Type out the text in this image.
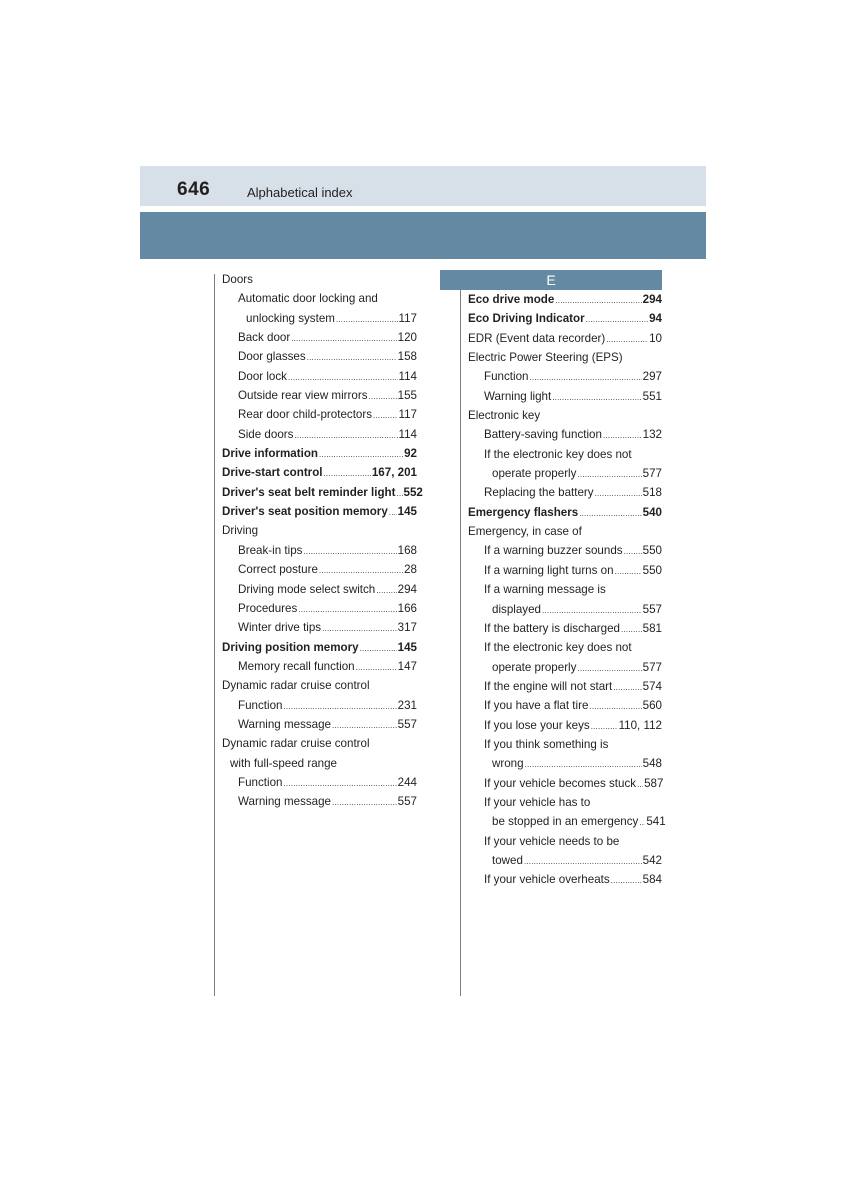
646	Alphabetical index
Doors
Automatic door locking and
unlocking system .....	117
Back door .....	120
Door glasses .....	158
Door lock .....	114
Outside rear view mirrors .....	155
Rear door child-protectors ..... 117
Side doors .....	114
Drive information .....	92
Drive-start control .....	167, 201
Driver's seat belt reminder light ..... 552
Driver's seat position memory ..... 145
Driving
Break-in tips .....	168
Correct posture .....	28
Driving mode select switch ..... 294
Procedures .....	166
Winter drive tips .....	317
Driving position memory .....	145
Memory recall function .....	147
Dynamic radar cruise control
Function .....	231
Warning message .....	557
Dynamic radar cruise control
with full-speed range
Function .....	244
Warning message .....	557
E
Eco drive mode .....	294
Eco Driving Indicator .....	94
EDR (Event data recorder) .....	10
Electric Power Steering (EPS)
Function .....	297
Warning light .....	551
Electronic key
Battery-saving function .....	132
If the electronic key does not
operate properly .....	577
Replacing the battery .....	518
Emergency flashers .....	540
Emergency, in case of
If a warning buzzer sounds ..... 550
If a warning light turns on .....	550
If a warning message is
displayed .....	557
If the battery is discharged ..... 581
If the electronic key does not
operate properly .....	577
If the engine will not start .....	574
If you have a flat tire .....	560
If you lose your keys ..... 110, 112
If you think something is
wrong .....	548
If your vehicle becomes stuck ..... 587
If your vehicle has to
be stopped in an emergency ..... 541
If your vehicle needs to be
towed .....	542
If your vehicle overheats .....	584
